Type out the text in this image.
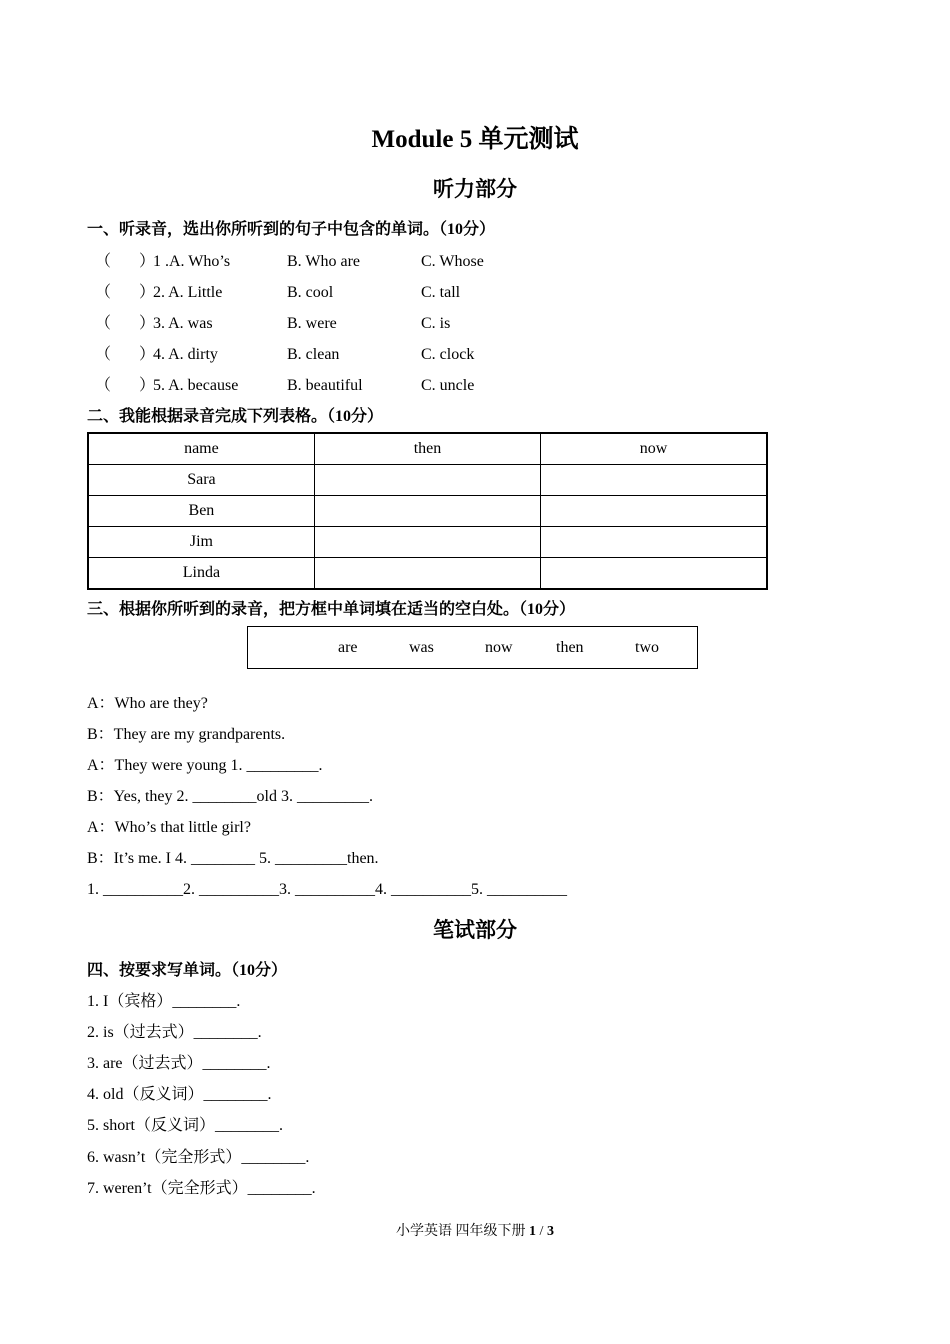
Module 5 单元测试
听力部分
一、听录音，选出你所听到的句子中包含的单词。（10分）
（ ）
1 .A. Who’s	B. Who are	C. Whose
（ ）
2. A. Little	B. cool	C. tall
（ ）
3. A. was	B. were	C. is
（ ）
4. A. dirty	B. clean	C. clock
（ ）
5. A. because	B. beautiful	C. uncle
二、我能根据录音完成下列表格。（10分）
name	then	now
Sara		
Ben		
Jim		
Linda		
三、根据你所听到的录音，把方框中单词填在适当的空白处。（10分）
are	was	now	then	two
A：Who are they?
B：They are my grandparents.
A：They were young 1. _________.
B：Yes, they 2. ________old 3. _________.
A：Who’s that little girl?
B：It’s me. I 4. ________ 5. _________then.
1. __________2. __________3. __________4. __________5. __________
笔试部分
四、按要求写单词。（10分）
1. I（宾格）________.
2. is（过去式）________.
3. are（过去式）________.
4. old（反义词）________.
5. short（反义词）________.
6. wasn’t（完全形式）________.
7. weren’t（完全形式）________.
小学英语 四年级下册 1 / 3
